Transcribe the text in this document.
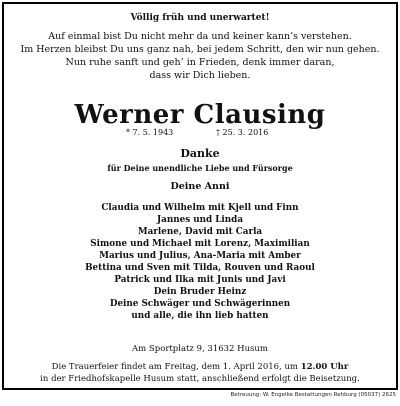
Völlig früh und unerwartet!
Auf einmal bist Du nicht mehr da und keiner kann’s verstehen.
Im Herzen bleibst Du uns ganz nah, bei jedem Schritt, den wir nun gehen.
Nun ruhe sanft und geh’ in Frieden, denk immer daran,
dass wir Dich lieben.
Werner Clausing
* 7. 5. 1943	† 25. 3. 2016
Danke
für Deine unendliche Liebe und Fürsorge
Deine Anni
Claudia und Wilhelm mit Kjell und Finn
Jannes und Linda
Marlene, David mit Carla
Simone und Michael mit Lorenz, Maximilian
Marius und Julius, Ana-Maria mit Amber
Bettina und Sven mit Tilda, Rouven und Raoul
Patrick und Ilka mit Junis und Javi
Dein Bruder Heinz
Deine Schwäger und Schwägerinnen
und alle, die ihn lieb hatten
Am Sportplatz 9, 31632 Husum
Die Trauerfeier findet am Freitag, dem 1. April 2016, um 12.00 Uhr
in der Friedhofskapelle Husum statt, anschließend erfolgt die Beisetzung.
Betreuung: W. Engelke Bestattungen Rehburg (05037) 2625
